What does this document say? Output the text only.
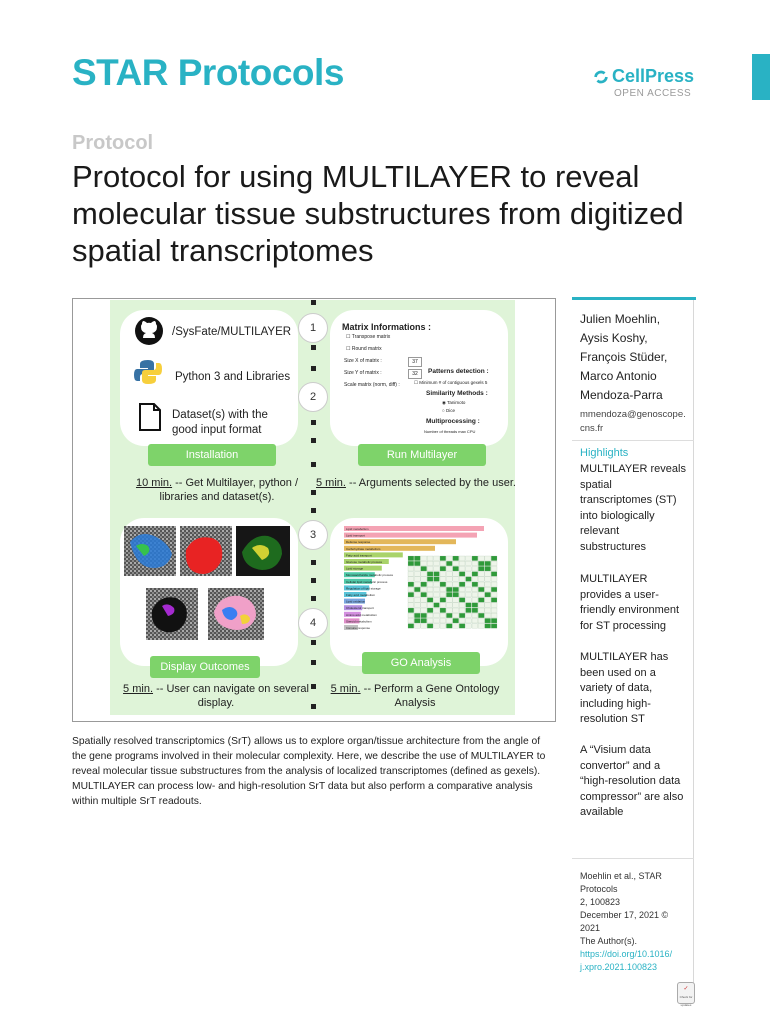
STAR Protocols	CellPress
OPEN ACCESS
Protocol
Protocol for using MULTILAYER to reveal molecular tissue substructures from digitized spatial transcriptomes
/SysFate/MULTILAYER
Python 3 and Libraries
Dataset(s) with the
good input format
Installation
Matrix Informations :
☐ Transpose matrix
☐ Round matrix
Size X of matrix :	37
Size Y of matrix :	32
Scale matrix (norm, diff) :
Patterns detection :
☐ Minimum # of contiguous gexels 5
Similarity Methods :
◉ Tanimoto
○ Dice
Multiprocessing :
Number of threads max CPU
Run Multilayer
10 min. -- Get Multilayer, python /
libraries and dataset(s).
5 min. -- Arguments selected by the user.
Display Outcomes
Lipid metabolism
Lipid transport
Defense response
Carbohydrate metabolism
Fatty acid transport
Glucose metabolic process
Lipid storage
Monosaccharide metabolic process
Cellular lipid metabolic process
Regulation of lipid storage
Fatty acid metabolism
Lipid oxidation
Cholesterol transport
Amino acid metabolism
Steroid metabolism
Immune response
GO Analysis
5 min. -- User can navigate on several
display.
5 min. -- Perform a Gene Ontology
Analysis
1
2
3
4
Julien Moehlin,
Aysis Koshy,
François Stüder,
Marco Antonio
Mendoza-Parra
mmendoza@genoscope.
cns.fr
Highlights
MULTILAYER reveals
spatial
transcriptomes (ST)
into biologically
relevant
substructures
MULTILAYER
provides a user-
friendly environment
for ST processing
MULTILAYER has
been used on a
variety of data,
including high-
resolution ST
A “Visium data
convertor” and a
“high-resolution data
compressor” are also
available
Moehlin et al., STAR Protocols
2, 100823
December 17, 2021 © 2021
The Author(s).
https://doi.org/10.1016/
j.xpro.2021.100823
✓
Check for updates

Spatially resolved transcriptomics (SrT) allows us to explore organ/tissue architecture from the angle of the gene programs involved in their molecular complexity. Here, we describe the use of MULTILAYER to reveal molecular tissue substructures from the analysis of localized transcriptomes (defined as gexels). MULTILAYER can process low- and high-resolution SrT data but also perform a comparative analysis within multiple SrT readouts.
